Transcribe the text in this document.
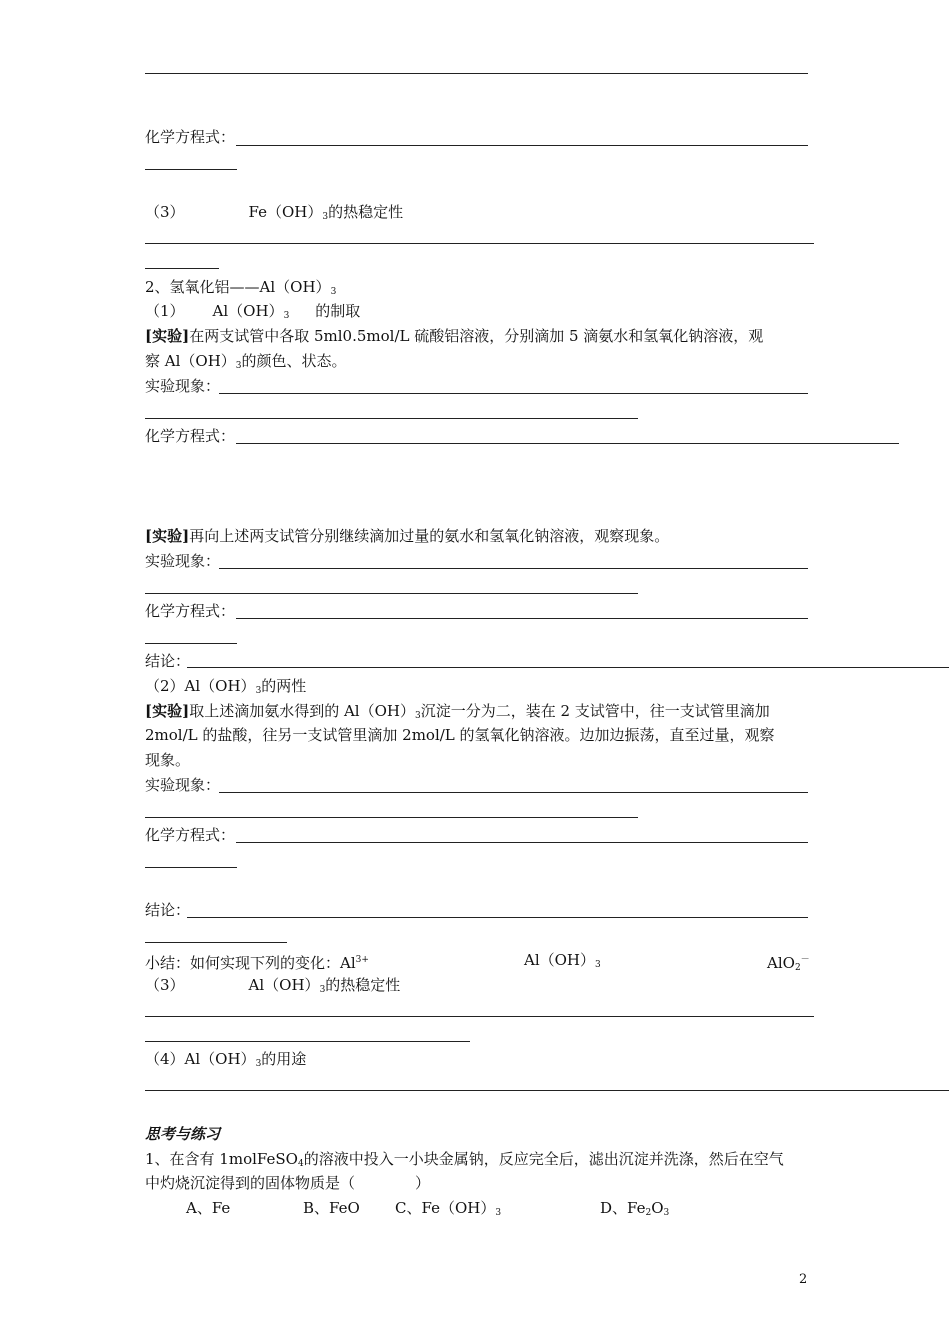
化学方程式：
（3）	$Fe(OH)_3$的热稳定性
2、氢氧化铝$——Al(OH)_3$
（1） $Al(OH)_3$ 的制取
[实验]在两支试管中各取 5ml0.5mol/L 硫酸铝溶液，分别滴加 5 滴氨水和氢氧化钠溶液，观
察 $Al(OH)_3$的颜色、状态。
实验现象：
化学方程式：
[实验]再向上述两支试管分别继续滴加过量的氨水和氢氧化钠溶液，观察现象。
实验现象：
化学方程式：
结论：
$(2)Al(OH)_3$的两性
[实验]取上述滴加氨水得到的 $Al(OH)_3$沉淀一分为二，装在 2 支试管中，往一支试管里滴加
2mol/L 的盐酸，往另一支试管里滴加 2mol/L 的氢氧化钠溶液。边加边振荡，直至过量，观察
现象。
实验现象：
化学方程式：
结论：
小结：如何实现下列的变化：$Al^{3+}$	$Al(OH)_3$	AlO$_2$－
（3）	$Al(OH)_3$的热稳定性
$(4)Al(OH)_3$的用途
思考与练习
1、在含有 1molFeSO$_4$的溶液中投入一小块金属钠，反应完全后，滤出沉淀并洗涤，然后在空气
中灼烧沉淀得到的固体物质是（　　　　）
A、Fe	B、FeO C、$Fe(OH)_3$	D、$Fe_2O_3$
2
